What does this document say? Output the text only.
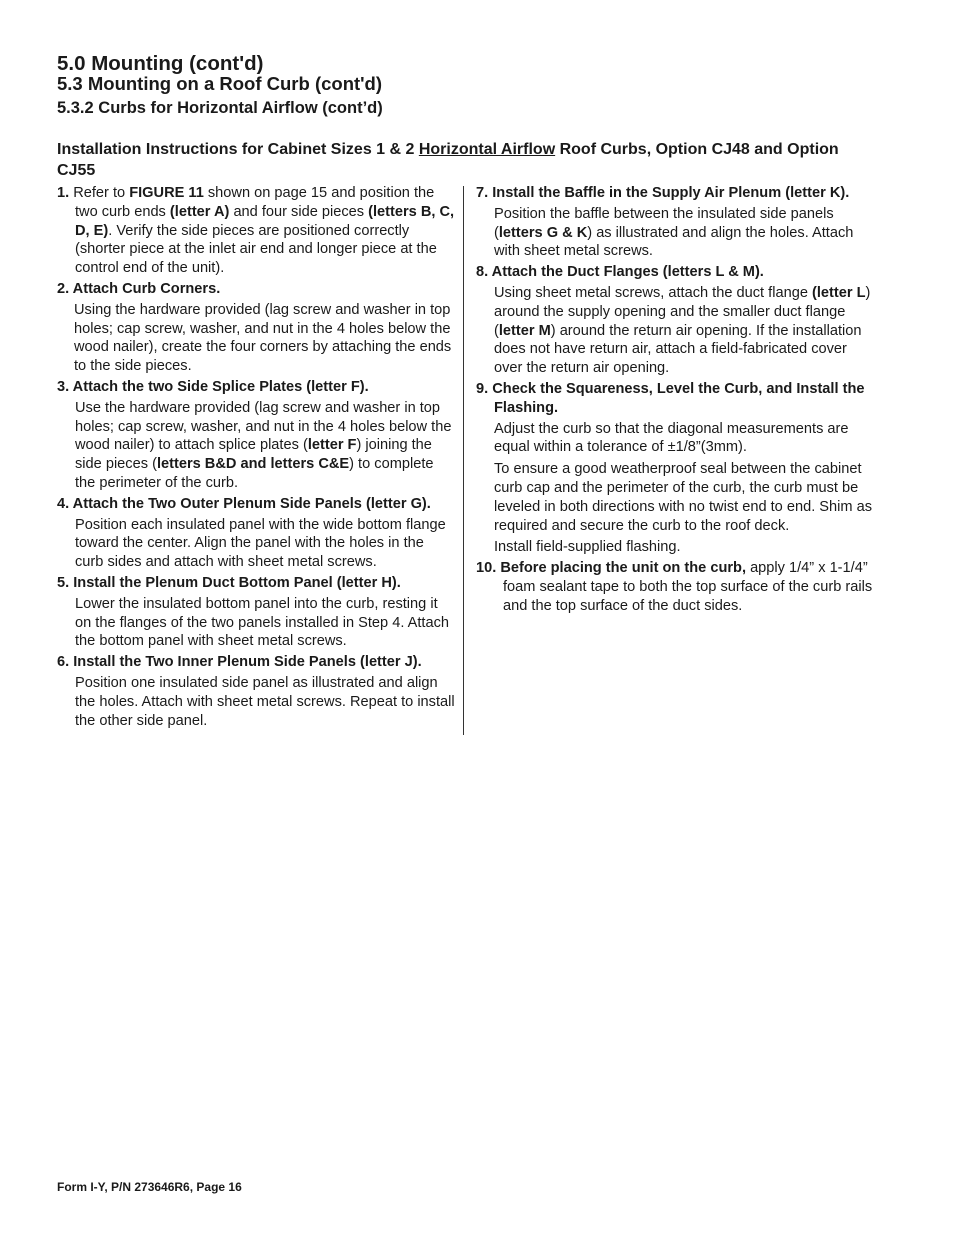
5.0 Mounting (cont'd)
5.3 Mounting on a Roof Curb (cont'd)
5.3.2 Curbs for Horizontal Airflow (cont’d)

Installation Instructions for Cabinet Sizes 1 & 2 Horizontal Airflow Roof Curbs, Option CJ48 and Option CJ55

1. Refer to FIGURE 11 shown on page 15 and position the two curb ends (letter A) and four side pieces (letters B, C, D, E). Verify the side pieces are positioned correctly (shorter piece at the inlet air end and longer piece at the control end of the unit).
2. Attach Curb Corners.
Using the hardware provided (lag screw and washer in top holes; cap screw, washer, and nut in the 4 holes below the wood nailer), create the four corners by attaching the ends to the side pieces.
3. Attach the two Side Splice Plates (letter F).
Use the hardware provided (lag screw and washer in top holes; cap screw, washer, and nut in the 4 holes below the wood nailer) to attach splice plates (letter F) joining the side pieces (letters B&D and letters C&E) to complete the perimeter of the curb.
4. Attach the Two Outer Plenum Side Panels (letter G).
Position each insulated panel with the wide bottom flange toward the center. Align the panel with the holes in the curb sides and attach with sheet metal screws.
5. Install the Plenum Duct Bottom Panel (letter H).
Lower the insulated bottom panel into the curb, resting it on the flanges of the two panels installed in Step 4. Attach the bottom panel with sheet metal screws.
6. Install the Two Inner Plenum Side Panels (letter J).
Position one insulated side panel as illustrated and align the holes. Attach with sheet metal screws. Repeat to install the other side panel.
7. Install the Baffle in the Supply Air Plenum (letter K).
Position the baffle between the insulated side panels (letters G & K) as illustrated and align the holes. Attach with sheet metal screws.
8. Attach the Duct Flanges (letters L & M).
Using sheet metal screws, attach the duct flange (letter L) around the supply opening and the smaller duct flange (letter M) around the return air opening. If the installation does not have return air, attach a field-fabricated cover over the return air opening.
9. Check the Squareness, Level the Curb, and Install the Flashing.
Adjust the curb so that the diagonal measurements are equal within a tolerance of ±1/8”(3mm).
To ensure a good weatherproof seal between the cabinet curb cap and the perimeter of the curb, the curb must be leveled in both directions with no twist end to end. Shim as required and secure the curb to the roof deck.
Install field-supplied flashing.
10. Before placing the unit on the curb, apply 1/4” x 1-1/4” foam sealant tape to both the top surface of the curb rails and the top surface of the duct sides.
Form I-Y, P/N 273646R6, Page 16
